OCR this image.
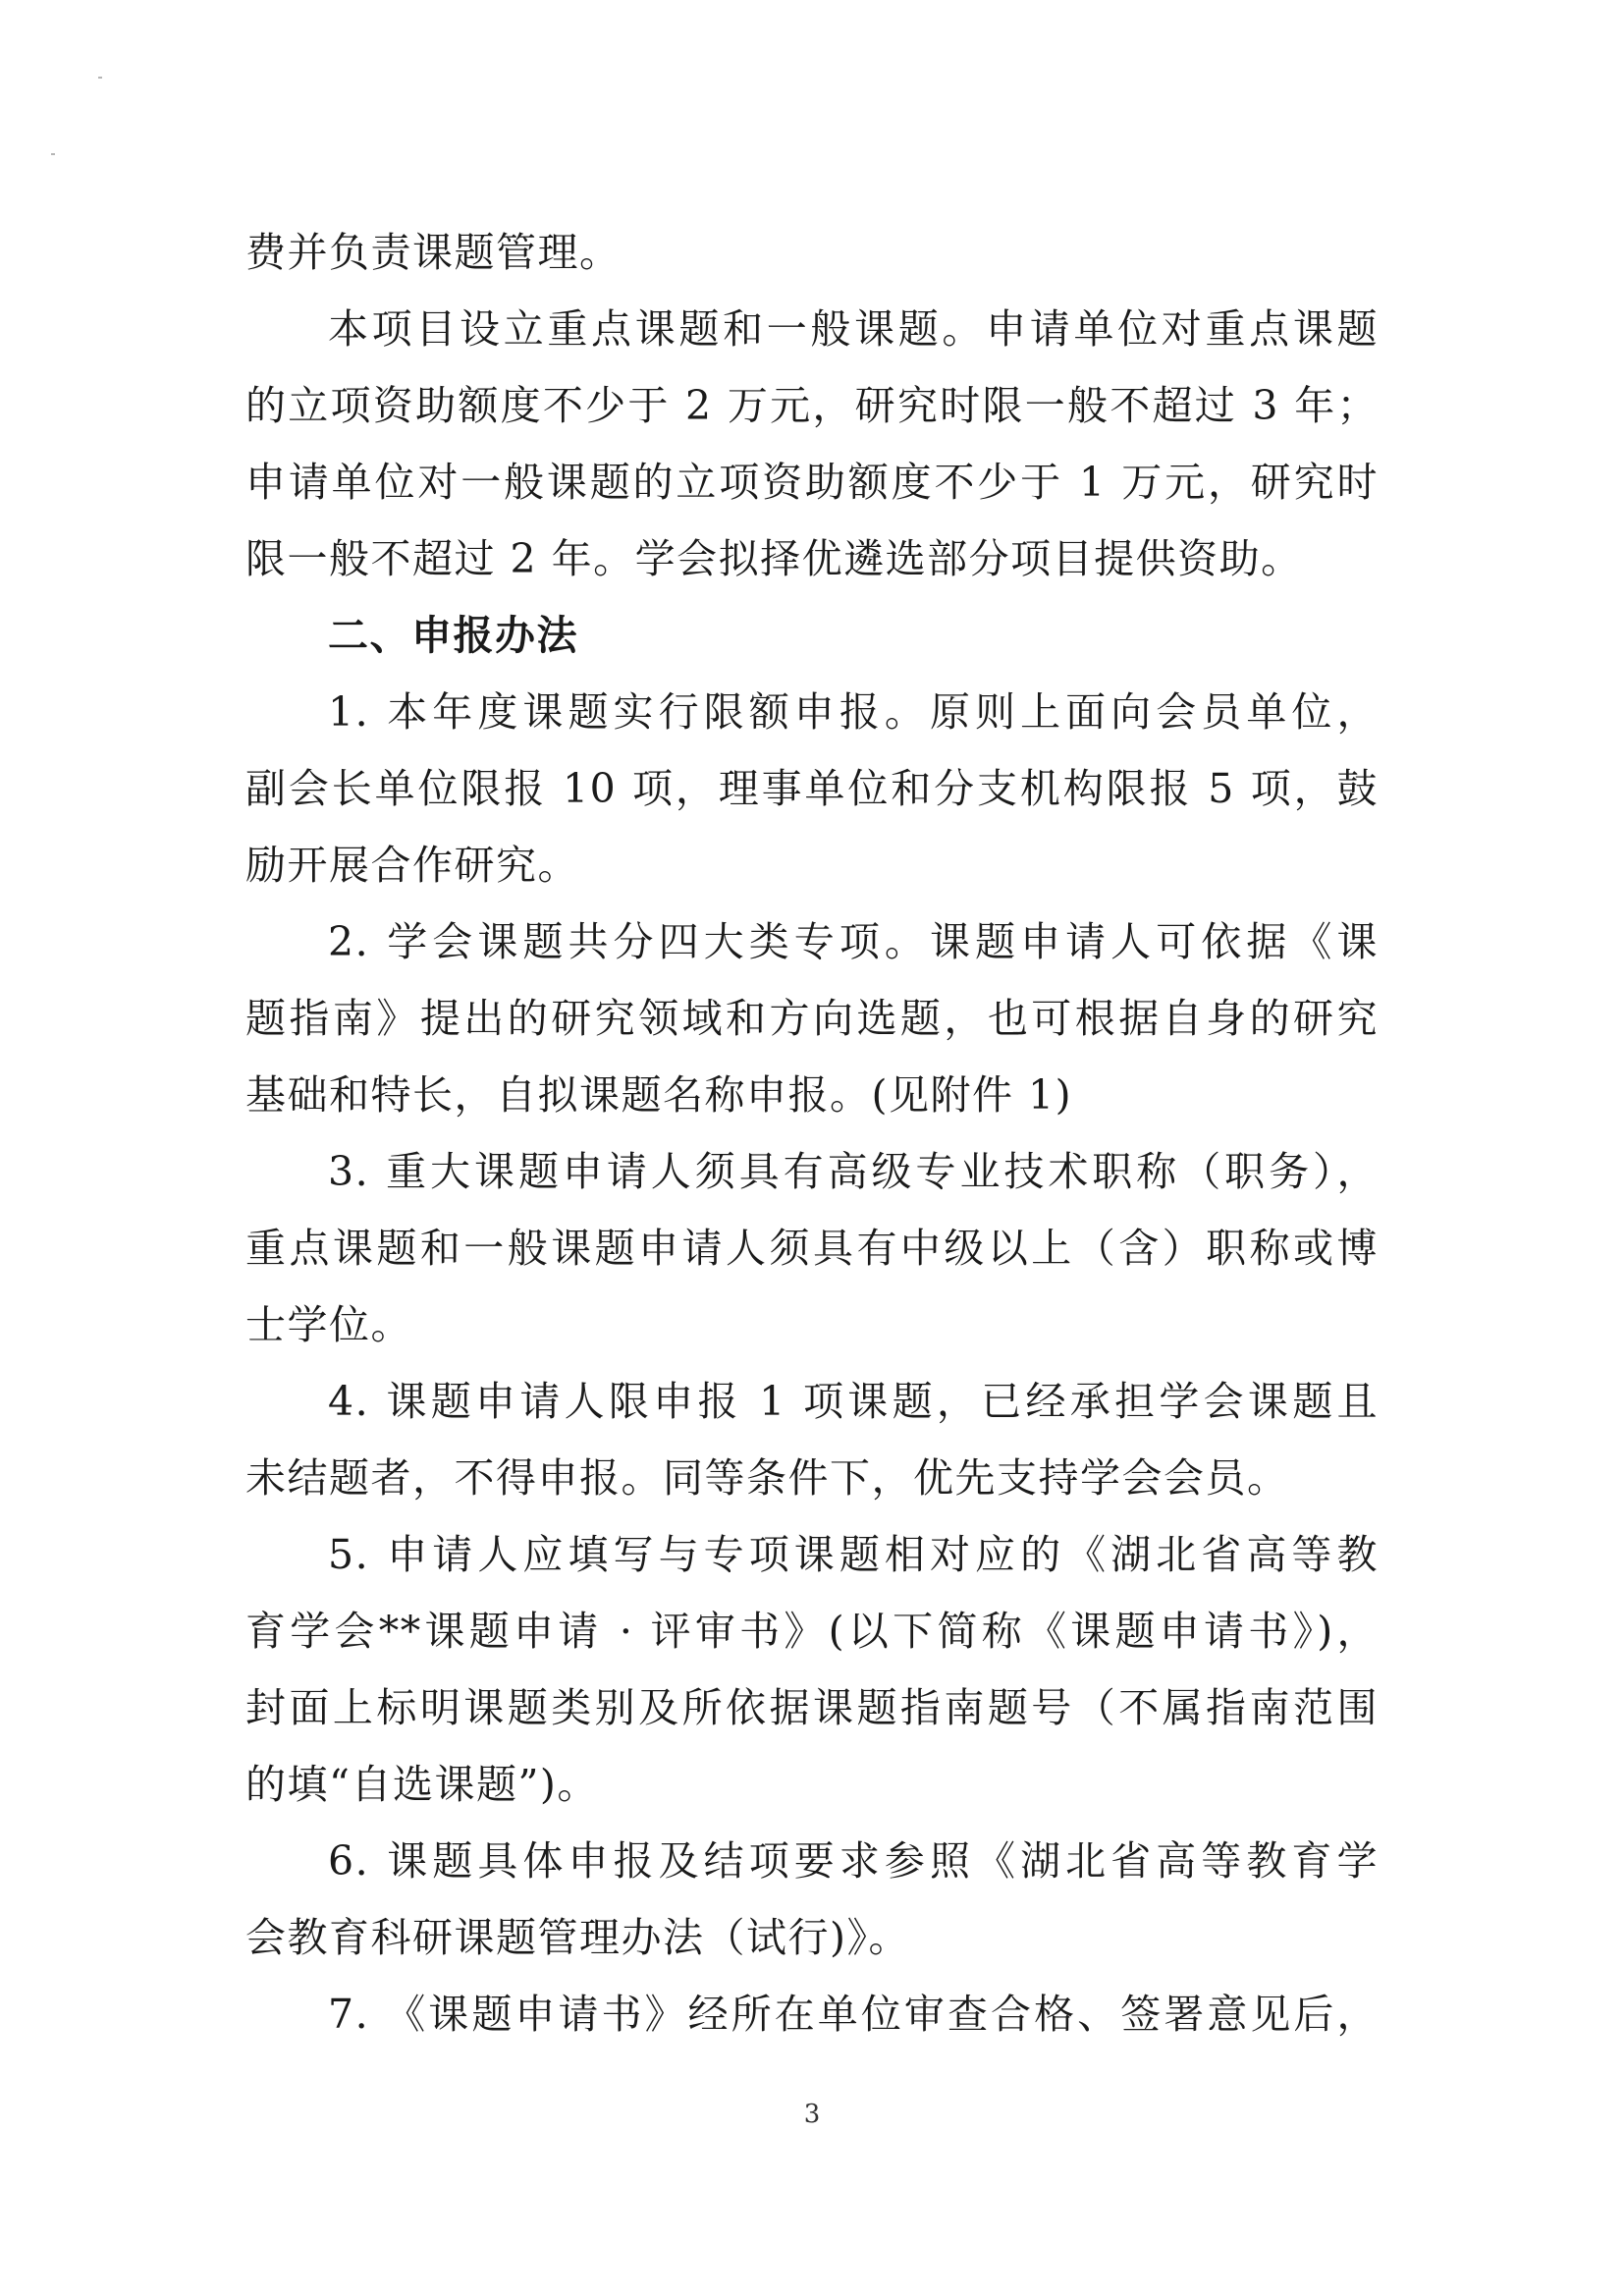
费并负责课题管理。
本项目设立重点课题和一般课题。申请单位对重点课题
的立项资助额度不少于 2 万元，研究时限一般不超过 3 年；
申请单位对一般课题的立项资助额度不少于 1 万元，研究时
限一般不超过 2 年。学会拟择优遴选部分项目提供资助。
二、申报办法
1. 本年度课题实行限额申报。原则上面向会员单位，
副会长单位限报 10 项，理事单位和分支机构限报 5 项，鼓
励开展合作研究。
2. 学会课题共分四大类专项。课题申请人可依据《课
题指南》提出的研究领域和方向选题，也可根据自身的研究
基础和特长，自拟课题名称申报。(见附件 1)
3. 重大课题申请人须具有高级专业技术职称（职务），
重点课题和一般课题申请人须具有中级以上（含）职称或博
士学位。
4. 课题申请人限申报 1 项课题，已经承担学会课题且
未结题者，不得申报。同等条件下，优先支持学会会员。
5. 申请人应填写与专项课题相对应的《湖北省高等教
育学会**课题申请 · 评审书》(以下简称《课题申请书》)，
封面上标明课题类别及所依据课题指南题号（不属指南范围
的填“自选课题”)。
6. 课题具体申报及结项要求参照《湖北省高等教育学
会教育科研课题管理办法（试行)》。
7. 《课题申请书》经所在单位审查合格、签署意见后，
3
